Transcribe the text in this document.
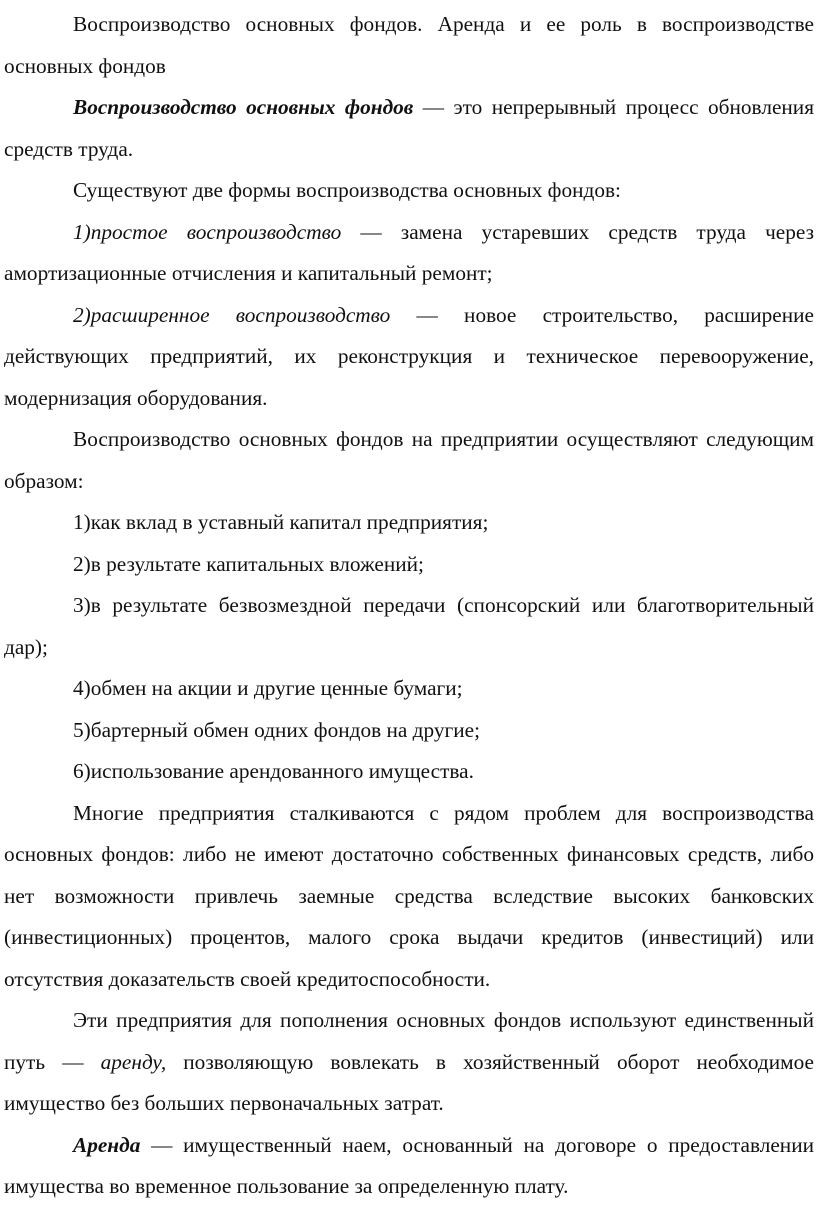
Воспроизводство основных фондов. Аренда и ее роль в воспроизводстве основных фондов

Воспроизводство основных фондов — это непрерывный процесс обновления средств труда.

Существуют две формы воспроизводства основных фондов:

1)простое воспроизводство — замена устаревших средств труда через амортизационные отчисления и капитальный ремонт;

2)расширенное воспроизводство — новое строительство, расширение действующих предприятий, их реконструкция и техническое перевооружение, модернизация оборудования.

Воспроизводство основных фондов на предприятии осуществляют следующим образом:

1)как вклад в уставный капитал предприятия;

2)в результате капитальных вложений;

3)в результате безвозмездной передачи (спонсорский или благотворительный дар);

4)обмен на акции и другие ценные бумаги;

5)бартерный обмен одних фондов на другие;

6)использование арендованного имущества.

Многие предприятия сталкиваются с рядом проблем для воспроизводства основных фондов: либо не имеют достаточно собственных финансовых средств, либо нет возможности привлечь заемные средства вследствие высоких банковских (инвестиционных) процентов, малого срока выдачи кредитов (инвестиций) или отсутствия доказательств своей кредитоспособности.

Эти предприятия для пополнения основных фондов используют единственный путь — аренду, позволяющую вовлекать в хозяйственный оборот необходимое имущество без больших первоначальных затрат.

Аренда — имущественный наем, основанный на договоре о предоставлении имущества во временное пользование за определенную плату.
